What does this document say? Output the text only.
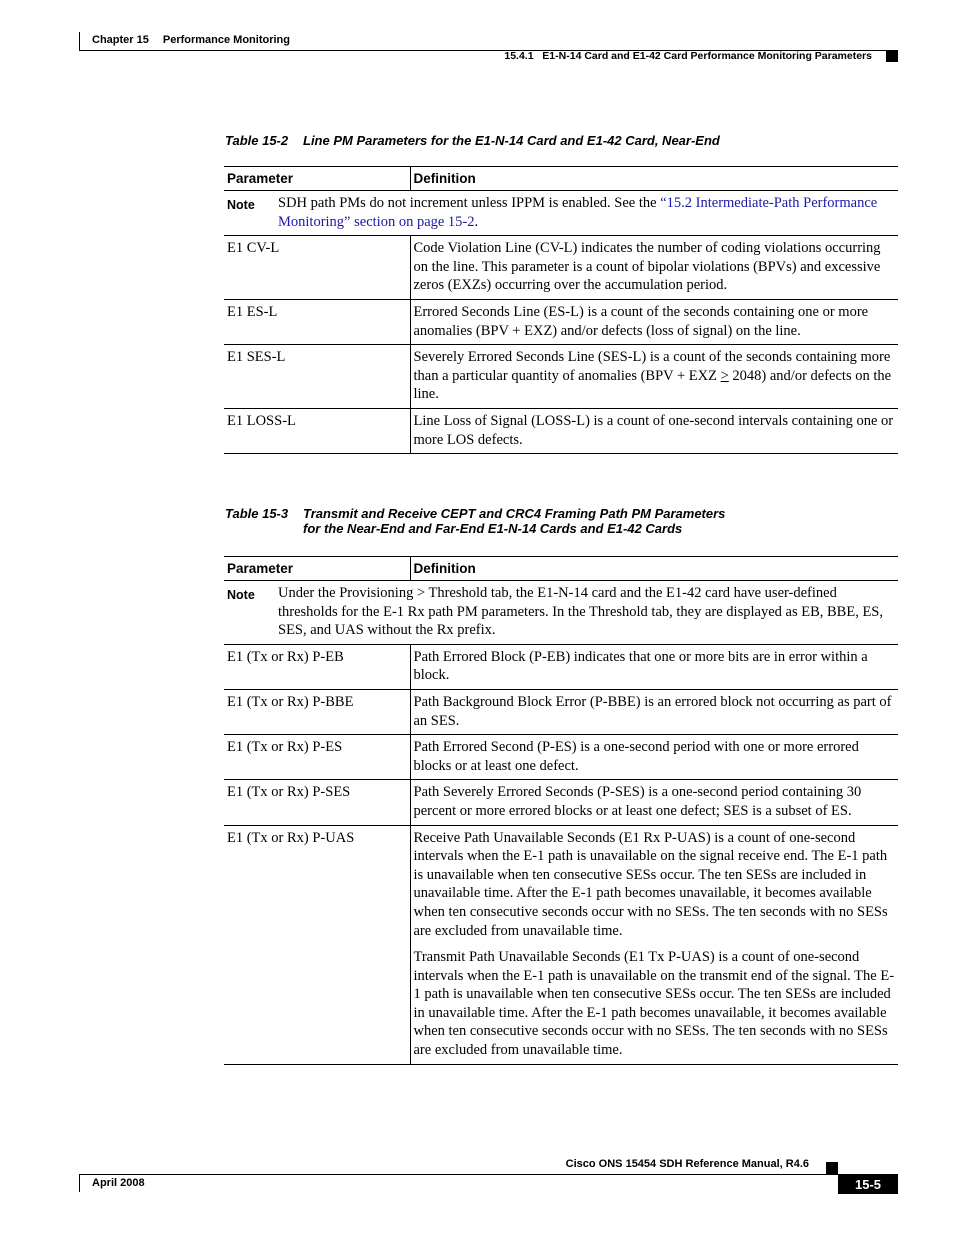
Chapter 15 Performance Monitoring
15.4.1   E1-N-14 Card and E1-42 Card Performance Monitoring Parameters
Table 15-2 Line PM Parameters for the E1-N-14 Card and E1-42 Card, Near-End
Parameter	Definition

Note SDH path PMs do not increment unless IPPM is enabled. See the “15.2 Intermediate-Path Performance Monitoring” section on page 15-2.	

E1 CV-L	Code Violation Line (CV-L) indicates the number of coding violations occurring on the line. This parameter is a count of bipolar violations (BPVs) and excessive zeros (EXZs) occurring over the accumulation period.
E1 ES-L	Errored Seconds Line (ES-L) is a count of the seconds containing one or more anomalies (BPV + EXZ) and/or defects (loss of signal) on the line.
E1 SES-L	Severely Errored Seconds Line (SES-L) is a count of the seconds containing more than a particular quantity of anomalies (BPV + EXZ ≥ 2048) and/or defects on the line.
E1 LOSS-L	Line Loss of Signal (LOSS-L) is a count of one-second intervals containing one or more LOS defects.
Table 15-3 Transmit and Receive CEPT and CRC4 Framing Path PM Parameters
for the Near-End and Far-End E1-N-14 Cards and E1-42 Cards
Parameter	Definition

Note Under the Provisioning > Threshold tab, the E1-N-14 card and the E1-42 card have user-defined thresholds for the E-1 Rx path PM parameters. In the Threshold tab, they are displayed as EB, BBE, ES, SES, and UAS without the Rx prefix.	

E1 (Tx or Rx) P-EB	Path Errored Block (P-EB) indicates that one or more bits are in error within a block.
E1 (Tx or Rx) P-BBE	Path Background Block Error (P-BBE) is an errored block not occurring as part of an SES.
E1 (Tx or Rx) P-ES	Path Errored Second (P-ES) is a one-second period with one or more errored blocks or at least one defect.
E1 (Tx or Rx) P-SES	Path Severely Errored Seconds (P-SES) is a one-second period containing 30 percent or more errored blocks or at least one defect; SES is a subset of ES.
E1 (Tx or Rx) P-UAS	Receive Path Unavailable Seconds (E1 Rx P-UAS) is a count of one-second intervals when the E-1 path is unavailable on the signal receive end. The E-1 path is unavailable when ten consecutive SESs occur. The ten SESs are included in unavailable time. After the E-1 path becomes unavailable, it becomes available when ten consecutive seconds occur with no SESs. The ten seconds with no SESs are excluded from unavailable time.

Transmit Path Unavailable Seconds (E1 Tx P-UAS) is a count of one-second intervals when the E-1 path is unavailable on the transmit end of the signal. The E-1 path is unavailable when ten consecutive SESs occur. The ten SESs are included in unavailable time. After the E-1 path becomes unavailable, it becomes available when ten consecutive seconds occur with no SESs. The ten seconds with no SESs are excluded from unavailable time.

Cisco ONS 15454 SDH Reference Manual, R4.6
April 2008	15-5
